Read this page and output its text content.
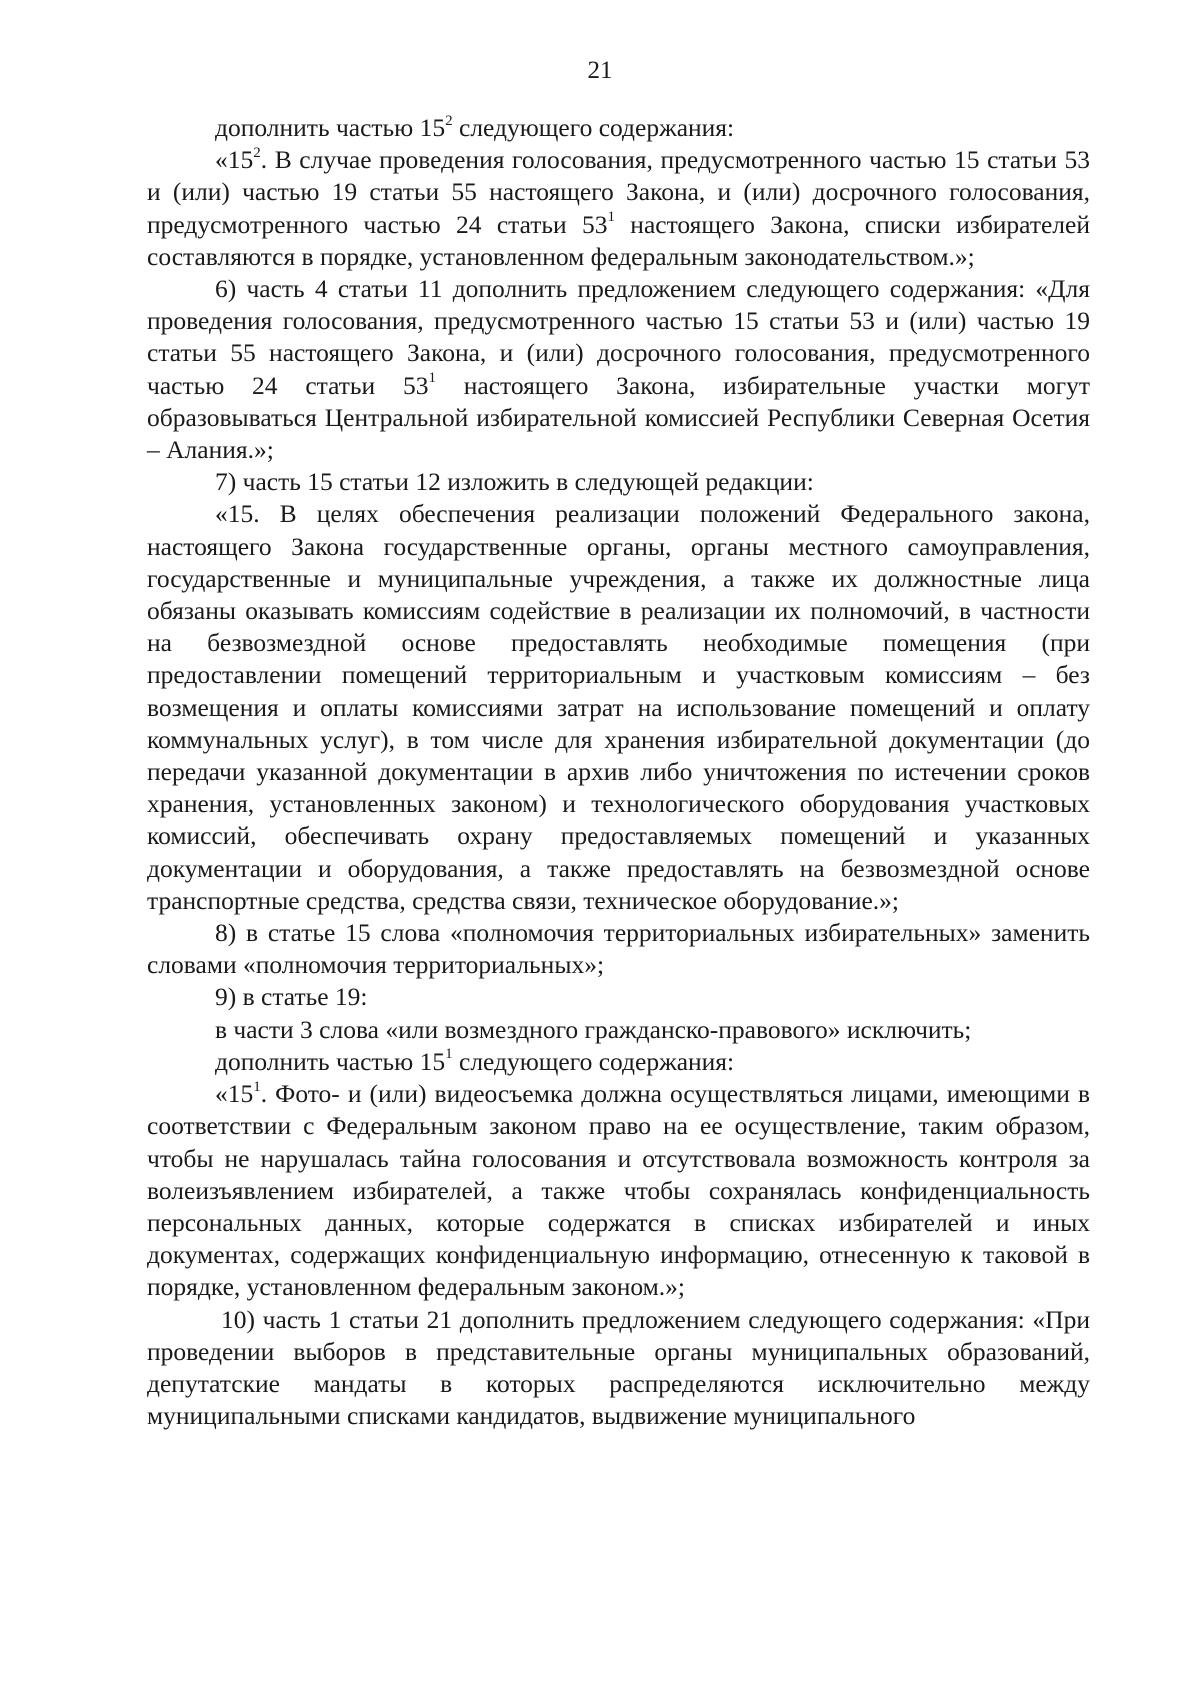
21

дополнить частью $15^2$ следующего содержания:

«$15^2$. В случае проведения голосования, предусмотренного частью 15 статьи 53 и (или) частью 19 статьи 55 настоящего Закона, и (или) досрочного голосования, предусмотренного частью 24 статьи $53^1$ настоящего Закона, списки избирателей составляются в порядке, установленном федеральным законодательством.»;

6) часть 4 статьи 11 дополнить предложением следующего содержания: «Для проведения голосования, предусмотренного частью 15 статьи 53 и (или) частью 19 статьи 55 настоящего Закона, и (или) досрочного голосования, предусмотренного частью 24 статьи $53^1$ настоящего Закона, избирательные участки могут образовываться Центральной избирательной комиссией Республики Северная Осетия – Алания.»;

7) часть 15 статьи 12 изложить в следующей редакции:

«15. В целях обеспечения реализации положений Федерального закона, настоящего Закона государственные органы, органы местного самоуправления, государственные и муниципальные учреждения, а также их должностные лица обязаны оказывать комиссиям содействие в реализации их полномочий, в частности на безвозмездной основе предоставлять необходимые помещения (при предоставлении помещений территориальным и участковым комиссиям – без возмещения и оплаты комиссиями затрат на использование помещений и оплату коммунальных услуг), в том числе для хранения избирательной документации (до передачи указанной документации в архив либо уничтожения по истечении сроков хранения, установленных законом) и технологического оборудования участковых комиссий, обеспечивать охрану предоставляемых помещений и указанных документации и оборудования, а также предоставлять на безвозмездной основе транспортные средства, средства связи, техническое оборудование.»;

8) в статье 15 слова «полномочия территориальных избирательных» заменить словами «полномочия территориальных»;

9) в статье 19:

в части 3 слова «или возмездного гражданско-правового» исключить;

дополнить частью $15^1$ следующего содержания:

«$15^1$. Фото- и (или) видеосъемка должна осуществляться лицами, имеющими в соответствии с Федеральным законом право на ее осуществление, таким образом, чтобы не нарушалась тайна голосования и отсутствовала возможность контроля за волеизъявлением избирателей, а также чтобы сохранялась конфиденциальность персональных данных, которые содержатся в списках избирателей и иных документах, содержащих конфиденциальную информацию, отнесенную к таковой в порядке, установленном федеральным законом.»;

10) часть 1 статьи 21 дополнить предложением следующего содержания: «При проведении выборов в представительные органы муниципальных образований, депутатские мандаты в которых распределяются исключительно между муниципальными списками кандидатов, выдвижение муниципального
